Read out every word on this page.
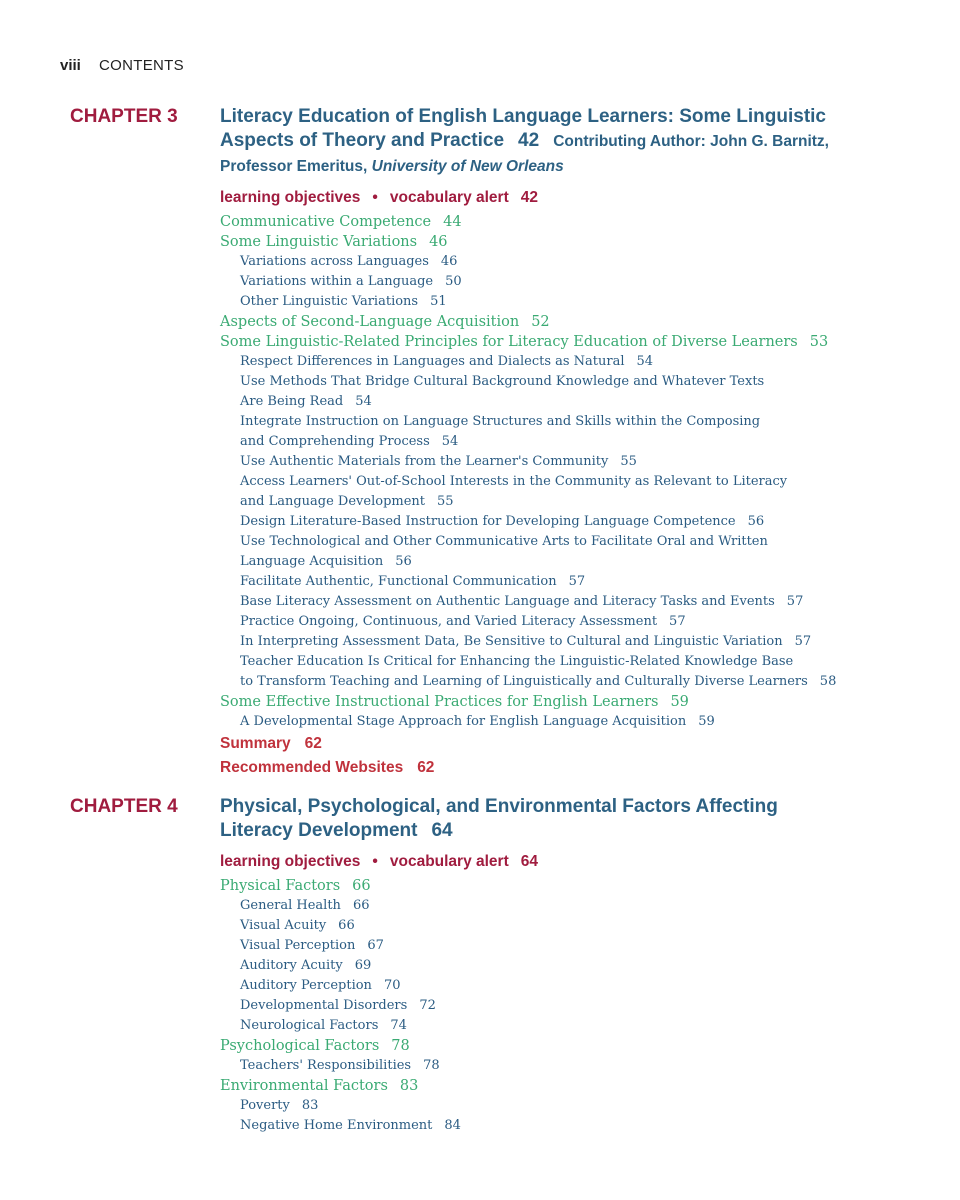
viii CONTENTS
CHAPTER 3 Literacy Education of English Language Learners: Some Linguistic
Aspects of Theory and Practice 42 Contributing Author: John G. Barnitz,
Professor Emeritus, University of New Orleans
learning objectives • vocabulary alert 42
Communicative Competence 44
Some Linguistic Variations 46
Variations across Languages 46
Variations within a Language 50
Other Linguistic Variations 51
Aspects of Second-Language Acquisition 52
Some Linguistic-Related Principles for Literacy Education of Diverse Learners 53
Respect Differences in Languages and Dialects as Natural 54
Use Methods That Bridge Cultural Background Knowledge and Whatever Texts
Are Being Read 54
Integrate Instruction on Language Structures and Skills within the Composing
and Comprehending Process 54
Use Authentic Materials from the Learner's Community 55
Access Learners' Out-of-School Interests in the Community as Relevant to Literacy
and Language Development 55
Design Literature-Based Instruction for Developing Language Competence 56
Use Technological and Other Communicative Arts to Facilitate Oral and Written
Language Acquisition 56
Facilitate Authentic, Functional Communication 57
Base Literacy Assessment on Authentic Language and Literacy Tasks and Events 57
Practice Ongoing, Continuous, and Varied Literacy Assessment 57
In Interpreting Assessment Data, Be Sensitive to Cultural and Linguistic Variation 57
Teacher Education Is Critical for Enhancing the Linguistic-Related Knowledge Base
to Transform Teaching and Learning of Linguistically and Culturally Diverse Learners 58
Some Effective Instructional Practices for English Learners 59
A Developmental Stage Approach for English Language Acquisition 59
Summary 62
Recommended Websites 62
CHAPTER 4 Physical, Psychological, and Environmental Factors Affecting
Literacy Development 64
learning objectives • vocabulary alert 64
Physical Factors 66
General Health 66
Visual Acuity 66
Visual Perception 67
Auditory Acuity 69
Auditory Perception 70
Developmental Disorders 72
Neurological Factors 74
Psychological Factors 78
Teachers' Responsibilities 78
Environmental Factors 83
Poverty 83
Negative Home Environment 84
